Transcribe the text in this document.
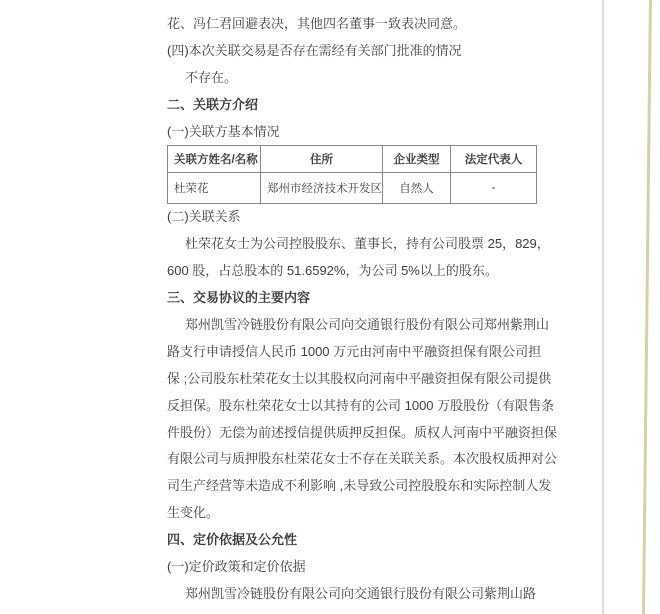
花、冯仁君回避表决，其他四名董事一致表决同意。
(四)本次关联交易是否存在需经有关部门批准的情况
不存在。
二、关联方介绍
(一)关联方基本情况
关联方姓名/名称	住所	企业类型	法定代表人
杜荣花	郑州市经济技术开发区	自然人	-
(二)关联关系
杜荣花女士为公司控股股东、董事长，持有公司股票 25，829，
600 股，占总股本的 51.6592%，为公司 5%以上的股东。
三、交易协议的主要内容
郑州凯雪冷链股份有限公司向交通银行股份有限公司郑州紫荆山
路支行申请授信人民币 1000 万元由河南中平融资担保有限公司担
保 ;公司股东杜荣花女士以其股权向河南中平融资担保有限公司提供
反担保。股东杜荣花女士以其持有的公司 1000 万股股份（有限售条
件股份）无偿为前述授信提供质押反担保。质权人河南中平融资担保
有限公司与质押股东杜荣花女士不存在关联关系。本次股权质押对公
司生产经营等未造成不利影响 ,未导致公司控股股东和实际控制人发
生变化。
四、定价依据及公允性
(一)定价政策和定价依据
郑州凯雪冷链股份有限公司向交通银行股份有限公司紫荆山路
